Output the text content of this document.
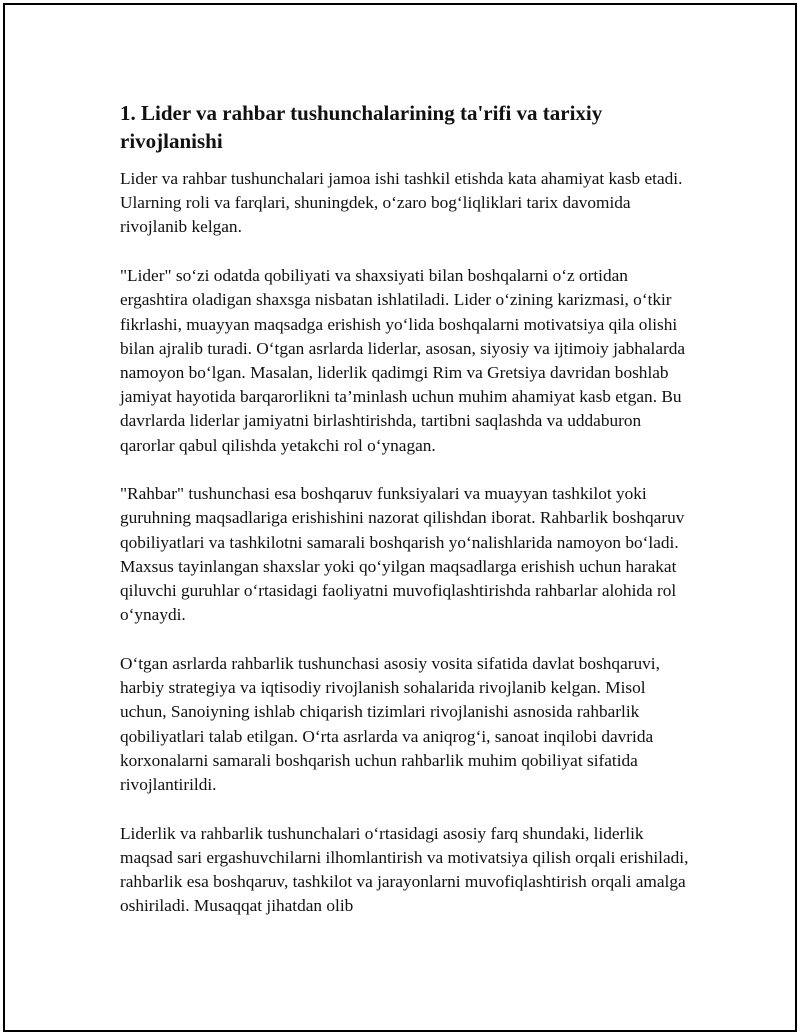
1. Lider va rahbar tushunchalarining ta'rifi va tarixiy rivojlanishi

Lider va rahbar tushunchalari jamoa ishi tashkil etishda kata ahamiyat kasb etadi. Ularning roli va farqlari, shuningdek, o‘zaro bog‘liqliklari tarix davomida rivojlanib kelgan.

"Lider" so‘zi odatda qobiliyati va shaxsiyati bilan boshqalarni o‘z ortidan ergashtira oladigan shaxsga nisbatan ishlatiladi. Lider o‘zining karizmasi, o‘tkir fikrlashi, muayyan maqsadga erishish yo‘lida boshqalarni motivatsiya qila olishi bilan ajralib turadi. O‘tgan asrlarda liderlar, asosan, siyosiy va ijtimoiy jabhalarda namoyon bo‘lgan. Masalan, liderlik qadimgi Rim va Gretsiya davridan boshlab jamiyat hayotida barqarorlikni ta’minlash uchun muhim ahamiyat kasb etgan. Bu davrlarda liderlar jamiyatni birlashtirishda, tartibni saqlashda va uddaburon qarorlar qabul qilishda yetakchi rol o‘ynagan.

"Rahbar" tushunchasi esa boshqaruv funksiyalari va muayyan tashkilot yoki guruhning maqsadlariga erishishini nazorat qilishdan iborat. Rahbarlik boshqaruv qobiliyatlari va tashkilotni samarali boshqarish yo‘nalishlarida namoyon bo‘ladi. Maxsus tayinlangan shaxslar yoki qo‘yilgan maqsadlarga erishish uchun harakat qiluvchi guruhlar o‘rtasidagi faoliyatni muvofiqlashtirishda rahbarlar alohida rol o‘ynaydi.

O‘tgan asrlarda rahbarlik tushunchasi asosiy vosita sifatida davlat boshqaruvi, harbiy strategiya va iqtisodiy rivojlanish sohalarida rivojlanib kelgan. Misol uchun, Sanoiyning ishlab chiqarish tizimlari rivojlanishi asnosida rahbarlik qobiliyatlari talab etilgan. O‘rta asrlarda va aniqrog‘i, sanoat inqilobi davrida korxonalarni samarali boshqarish uchun rahbarlik muhim qobiliyat sifatida rivojlantirildi.

Liderlik va rahbarlik tushunchalari o‘rtasidagi asosiy farq shundaki, liderlik maqsad sari ergashuvchilarni ilhomlantirish va motivatsiya qilish orqali erishiladi, rahbarlik esa boshqaruv, tashkilot va jarayonlarni muvofiqlashtirish orqali amalga oshiriladi. Musaqqat jihatdan olib
